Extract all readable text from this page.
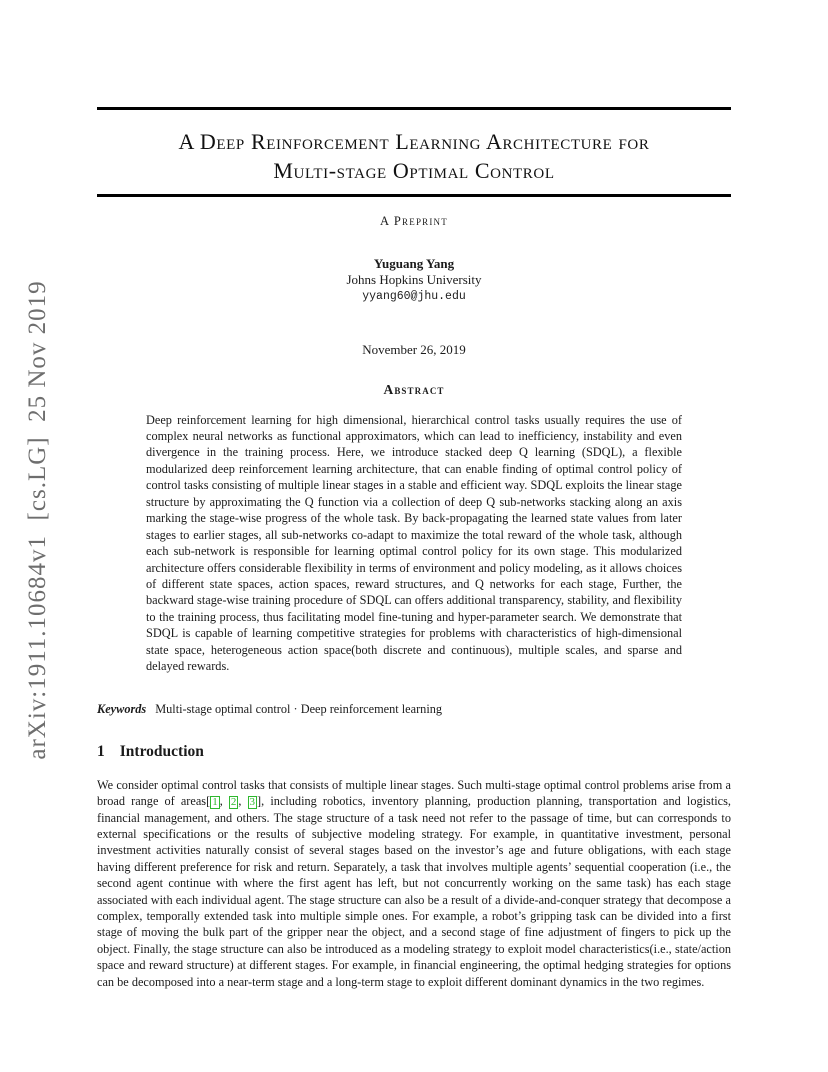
arXiv:1911.10684v1  [cs.LG]  25 Nov 2019
A Deep Reinforcement Learning Architecture for
Multi-stage Optimal Control
A Preprint
Yuguang Yang
Johns Hopkins University
yyang60@jhu.edu
November 26, 2019
Abstract
Deep reinforcement learning for high dimensional, hierarchical control tasks usually requires the use of complex neural networks as functional approximators, which can lead to inefficiency, instability and even divergence in the training process. Here, we introduce stacked deep Q learning (SDQL), a flexible modularized deep reinforcement learning architecture, that can enable finding of optimal control policy of control tasks consisting of multiple linear stages in a stable and efficient way. SDQL exploits the linear stage structure by approximating the Q function via a collection of deep Q sub-networks stacking along an axis marking the stage-wise progress of the whole task. By back-propagating the learned state values from later stages to earlier stages, all sub-networks co-adapt to maximize the total reward of the whole task, although each sub-network is responsible for learning optimal control policy for its own stage. This modularized architecture offers considerable flexibility in terms of environment and policy modeling, as it allows choices of different state spaces, action spaces, reward structures, and Q networks for each stage, Further, the backward stage-wise training procedure of SDQL can offers additional transparency, stability, and flexibility to the training process, thus facilitating model fine-tuning and hyper-parameter search. We demonstrate that SDQL is capable of learning competitive strategies for problems with characteristics of high-dimensional state space, heterogeneous action space(both discrete and continuous), multiple scales, and sparse and delayed rewards.
Keywords Multi-stage optimal control · Deep reinforcement learning
1 Introduction

We consider optimal control tasks that consists of multiple linear stages. Such multi-stage optimal control problems arise from a broad range of areas[ 1 , 2 , 3 ], including robotics, inventory planning, production planning, transportation and logistics, financial management, and others. The stage structure of a task need not refer to the passage of time, but can corresponds to external specifications or the results of subjective modeling strategy. For example, in quantitative investment, personal investment activities naturally consist of several stages based on the investor’s age and future obligations, with each stage having different preference for risk and return. Separately, a task that involves multiple agents’ sequential cooperation (i.e., the second agent continue with where the first agent has left, but not concurrently working on the same task) has each stage associated with each individual agent. The stage structure can also be a result of a divide-and-conquer strategy that decompose a complex, temporally extended task into multiple simple ones. For example, a robot’s gripping task can be divided into a first stage of moving the bulk part of the gripper near the object, and a second stage of fine adjustment of fingers to pick up the object. Finally, the stage structure can also be introduced as a modeling strategy to exploit model characteristics(i.e., state/action space and reward structure) at different stages. For example, in financial engineering, the optimal hedging strategies for options can be decomposed into a near-term stage and a long-term stage to exploit different dominant dynamics in the two regimes.
